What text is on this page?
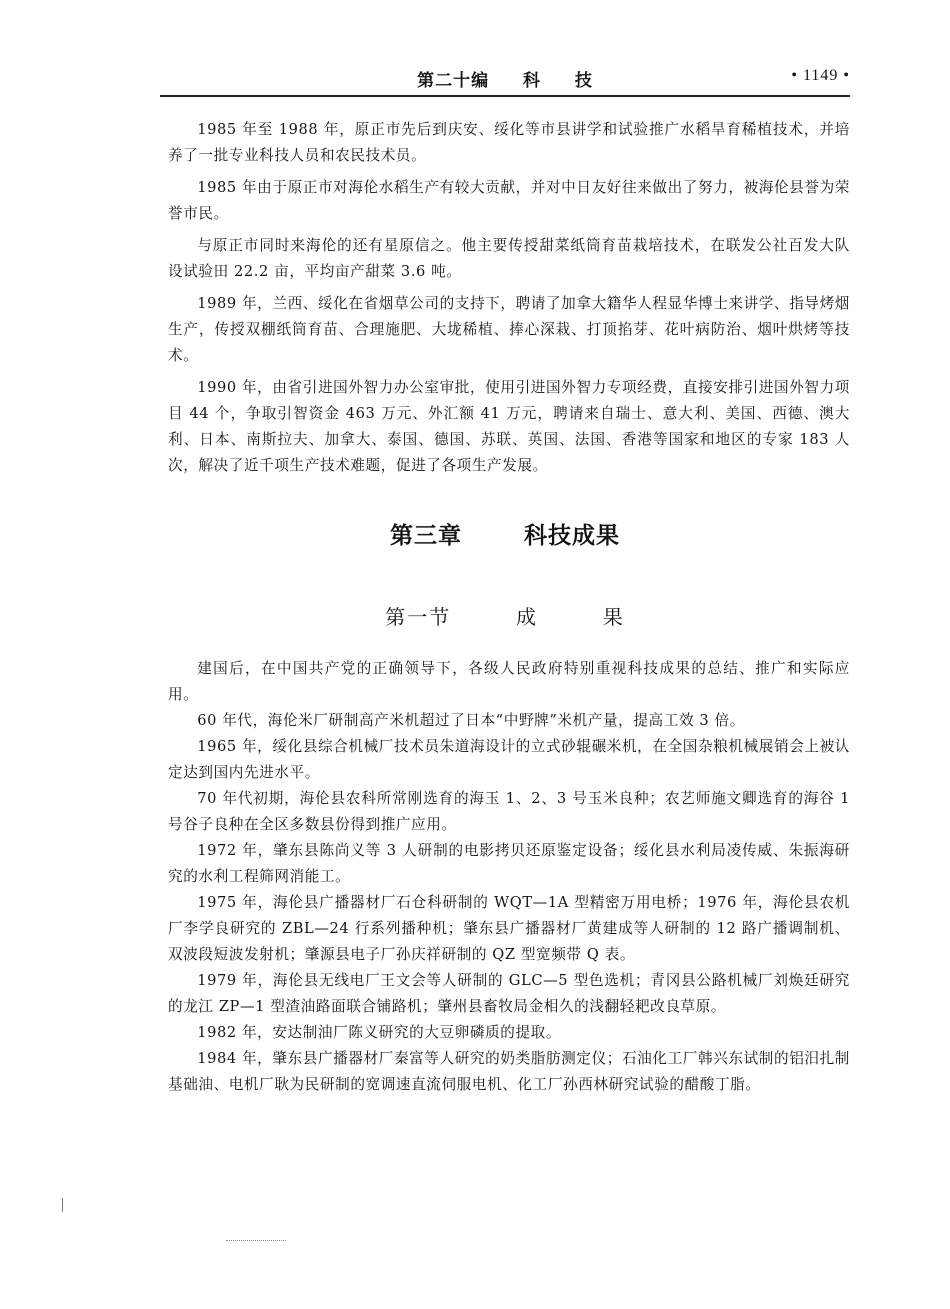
第二十编  科  技	• 1149 •

1985 年至 1988 年，原正市先后到庆安、绥化等市县讲学和试验推广水稻旱育稀植技术，并培养了一批专业科技人员和农民技术员。

1985 年由于原正市对海伦水稻生产有较大贡献，并对中日友好往来做出了努力，被海伦县誉为荣誉市民。

与原正市同时来海伦的还有星原信之。他主要传授甜菜纸筒育苗栽培技术，在联发公社百发大队设试验田 22.2 亩，平均亩产甜菜 3.6 吨。

1989 年，兰西、绥化在省烟草公司的支持下，聘请了加拿大籍华人程显华博士来讲学、指导烤烟生产，传授双棚纸筒育苗、合理施肥、大垅稀植、捧心深栽、打顶掐芽、花叶病防治、烟叶烘烤等技术。

1990 年，由省引进国外智力办公室审批，使用引进国外智力专项经费，直接安排引进国外智力项目 44 个，争取引智资金 463 万元、外汇额 41 万元，聘请来自瑞士、意大利、美国、西德、澳大利、日本、南斯拉夫、加拿大、泰国、德国、苏联、英国、法国、香港等国家和地区的专家 183 人次，解决了近千项生产技术难题，促进了各项生产发展。

第三章  科技成果
第一节  成  果

建国后，在中国共产党的正确领导下，各级人民政府特别重视科技成果的总结、推广和实际应用。

60 年代，海伦米厂研制高产米机超过了日本“中野牌”米机产量，提高工效 3 倍。

1965 年，绥化县综合机械厂技术员朱道海设计的立式砂辊碾米机，在全国杂粮机械展销会上被认定达到国内先进水平。

70 年代初期，海伦县农科所常刚选育的海玉 1、2、3 号玉米良种；农艺师施文卿选育的海谷 1 号谷子良种在全区多数县份得到推广应用。

1972 年，肇东县陈尚义等 3 人研制的电影拷贝还原鉴定设备；绥化县水利局凌传威、朱振海研究的水利工程筛网消能工。

1975 年，海伦县广播器材厂石仓科研制的 WQT—1A 型精密万用电桥；1976 年，海伦县农机厂李学良研究的 ZBL—24 行系列播种机；肇东县广播器材厂黄建成等人研制的 12 路广播调制机、双波段短波发射机；肇源县电子厂孙庆祥研制的 QZ 型宽频带 Q 表。

1979 年，海伦县无线电厂王文会等人研制的 GLC—5 型色选机；青冈县公路机械厂刘焕廷研究的龙江 ZP—1 型渣油路面联合铺路机；肇州县畜牧局金相久的浅翻轻耙改良草原。

1982 年，安达制油厂陈义研究的大豆卵磷质的提取。

1984 年，肇东县广播器材厂秦富等人研究的奶类脂肪测定仪；石油化工厂韩兴东试制的铝汨扎制基础油、电机厂耿为民研制的宽调速直流伺服电机、化工厂孙西林研究试验的醋酸丁脂。
